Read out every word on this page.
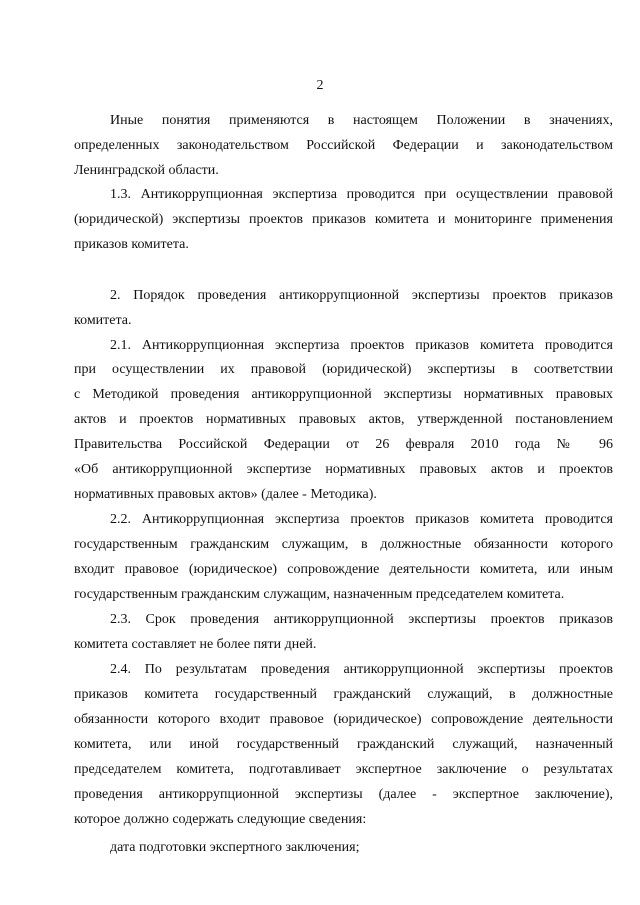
2
Иные понятия применяются в настоящем Положении в значениях,
определенных законодательством Российской Федерации и законодательством
Ленинградской области.
1.3. Антикоррупционная экспертиза проводится при осуществлении правовой
(юридической) экспертизы проектов приказов комитета и мониторинге применения
приказов комитета.
2. Порядок проведения антикоррупционной экспертизы проектов приказов
комитета.
2.1. Антикоррупционная экспертиза проектов приказов комитета проводится
при осуществлении их правовой (юридической) экспертизы в соответствии
с Методикой проведения антикоррупционной экспертизы нормативных правовых
актов и проектов нормативных правовых актов, утвержденной постановлением
Правительства Российской Федерации от 26 февраля 2010 года № 96
«Об антикоррупционной экспертизе нормативных правовых актов и проектов
нормативных правовых актов» (далее - Методика).
2.2. Антикоррупционная экспертиза проектов приказов комитета проводится
государственным гражданским служащим, в должностные обязанности которого
входит правовое (юридическое) сопровождение деятельности комитета, или иным
государственным гражданским служащим, назначенным председателем комитета.
2.3. Срок проведения антикоррупционной экспертизы проектов приказов
комитета составляет не более пяти дней.
2.4. По результатам проведения антикоррупционной экспертизы проектов
приказов комитета государственный гражданский служащий, в должностные
обязанности которого входит правовое (юридическое) сопровождение деятельности
комитета, или иной государственный гражданский служащий, назначенный
председателем комитета, подготавливает экспертное заключение о результатах
проведения антикоррупционной экспертизы (далее - экспертное заключение),
которое должно содержать следующие сведения:
дата подготовки экспертного заключения;
